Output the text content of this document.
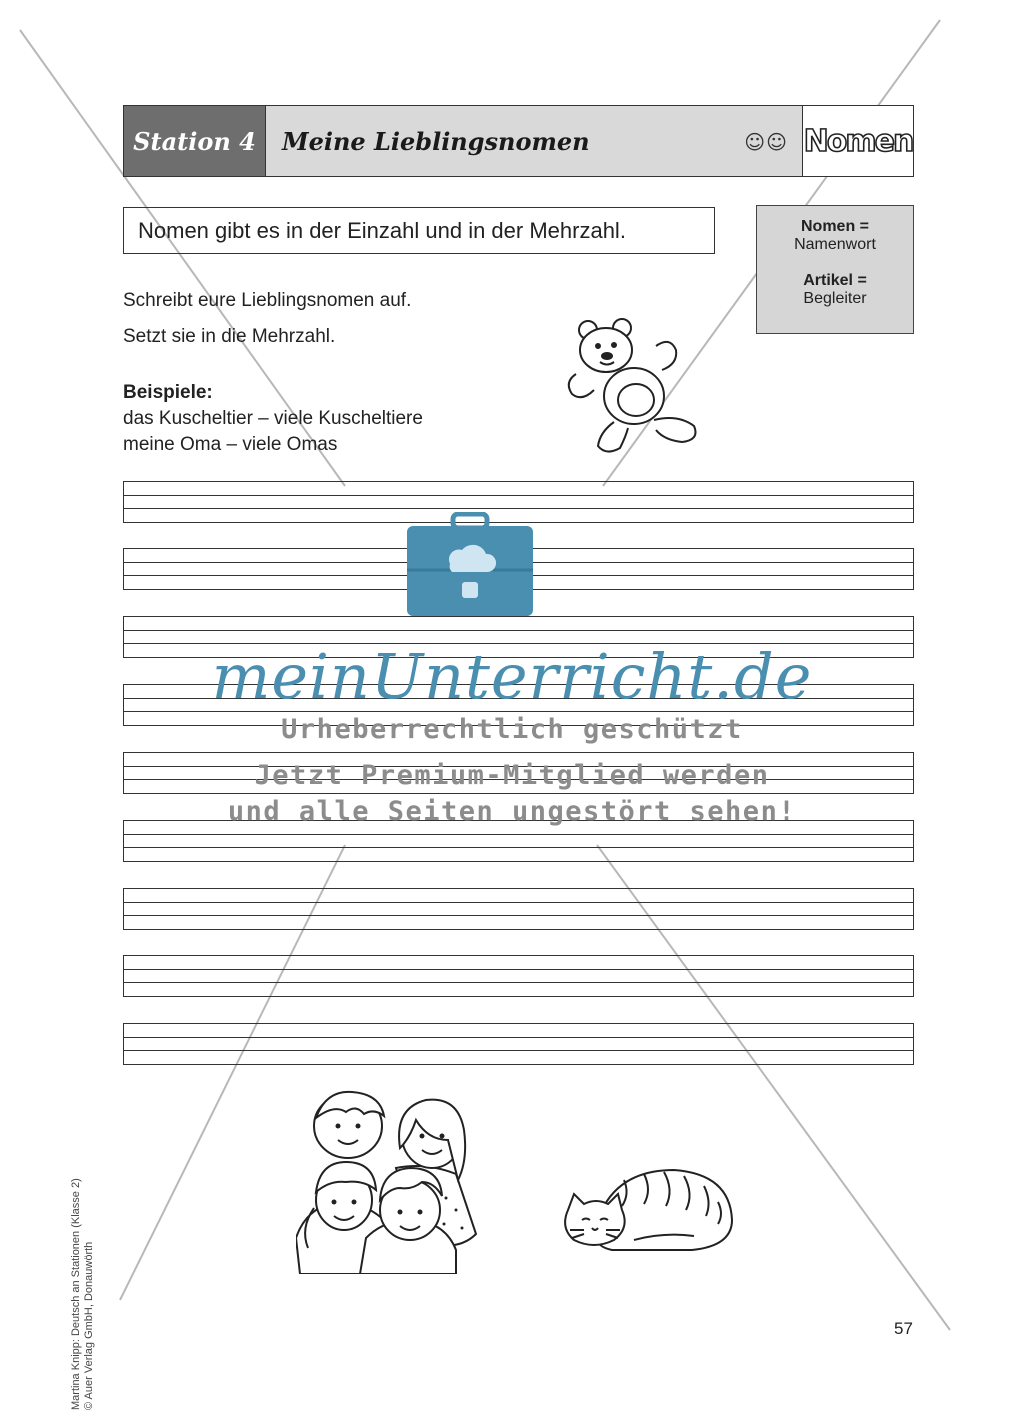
Station 4	Meine Lieblingsnomen	☺☺ Nomen
Nomen gibt es in der Einzahl und in der Mehrzahl.	Nomen =
Namenwort
Artikel =
Begleiter
Schreibt eure Lieblingsnomen auf.
Setzt sie in die Mehrzahl.
Beispiele:
das Kuscheltier – viele Kuscheltiere
meine Oma – viele Omas
meinUnterricht.de
Urheberrechtlich geschützt
Jetzt Premium-Mitglied werden
und alle Seiten ungestört sehen!
Martina Knipp: Deutsch an Stationen (Klasse 2) © Auer Verlag GmbH, Donauwörth	57
